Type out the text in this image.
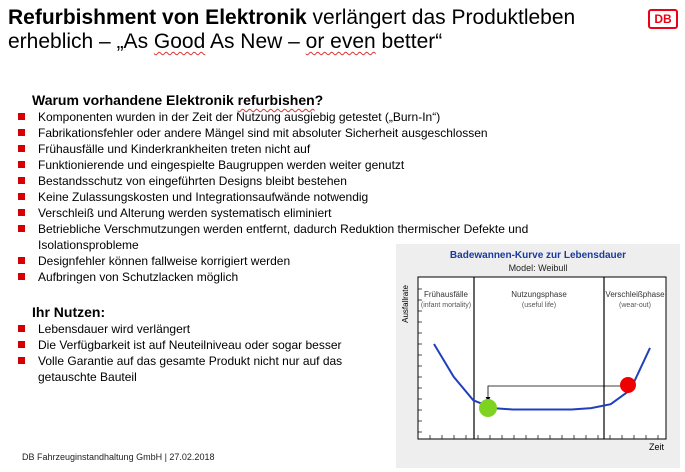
Refurbishment von Elektronik verlängert das Produktleben erheblich – „As Good As New – or even better“
DB
Warum vorhandene Elektronik refurbishen?
Komponenten wurden in der Zeit der Nutzung ausgiebig getestet („Burn-In“)
Fabrikationsfehler oder andere Mängel sind mit absoluter Sicherheit ausgeschlossen
Frühausfälle und Kinderkrankheiten treten nicht auf
Funktionierende und eingespielte Baugruppen werden weiter genutzt
Bestandsschutz von eingeführten Designs bleibt bestehen
Keine Zulassungskosten und Integrationsaufwände notwendig
Verschleiß und Alterung werden systematisch eliminiert
Betriebliche Verschmutzungen werden entfernt, dadurch Reduktion thermischer Defekte und Isolationsprobleme
Designfehler können fallweise korrigiert werden
Aufbringen von Schutzlacken möglich
Ihr Nutzen:
Lebensdauer wird verlängert
Die Verfügbarkeit ist auf Neuteilniveau oder sogar besser
Volle Garantie auf das gesamte Produkt nicht nur auf das getauschte Bauteil
DB Fahrzeuginstandhaltung GmbH | 27.02.2018
Badewannen-Kurve zur Lebensdauer
Model: Weibull
Frühausfälle
(infant mortality)
Nutzungsphase
(useful life)
Verschleißphase
(wear-out)
Ausfallrate
Zeit
